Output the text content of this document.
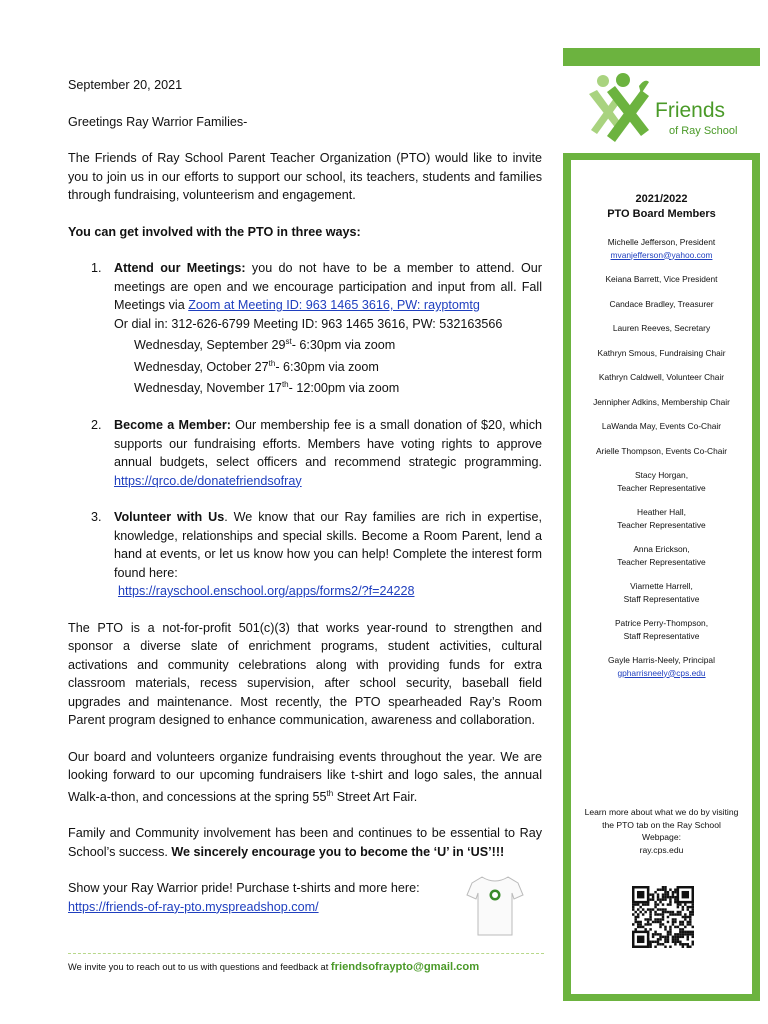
September 20, 2021

Greetings Ray Warrior Families-

The Friends of Ray School Parent Teacher Organization (PTO) would like to invite you to join us in our efforts to support our school, its teachers, students and families through fundraising, volunteerism and engagement.

You can get involved with the PTO in three ways:

1. Attend our Meetings: you do not have to be a member to attend. Our meetings are open and we encourage participation and input from all. Fall Meetings via Zoom at Meeting ID: 963 1465 3616, PW: rayptomtg
Or dial in: 312-626-6799 Meeting ID: 963 1465 3616, PW: 532163566
Wednesday, September 29st- 6:30pm via zoom
Wednesday, October 27th- 6:30pm via zoom
Wednesday, November 17th- 12:00pm via zoom
2. Become a Member: Our membership fee is a small donation of $20, which supports our fundraising efforts. Members have voting rights to approve annual budgets, select officers and recommend strategic programming. https://qrco.de/donatefriendsofray
3. Volunteer with Us. We know that our Ray families are rich in expertise, knowledge, relationships and special skills. Become a Room Parent, lend a hand at events, or let us know how you can help! Complete the interest form found here:
https://rayschool.enschool.org/apps/forms2/?f=24228

The PTO is a not-for-profit 501(c)(3) that works year-round to strengthen and sponsor a diverse slate of enrichment programs, student activities, cultural activations and community celebrations along with providing funds for extra classroom materials, recess supervision, after school security, baseball field upgrades and maintenance. Most recently, the PTO spearheaded Ray’s Room Parent program designed to enhance communication, awareness and collaboration.

Our board and volunteers organize fundraising events throughout the year. We are looking forward to our upcoming fundraisers like t-shirt and logo sales, the annual Walk-a-thon, and concessions at the spring 55th Street Art Fair.

Family and Community involvement has been and continues to be essential to Ray School’s success. We sincerely encourage you to become the ‘U’ in ‘US’!!!

Show your Ray Warrior pride! Purchase t-shirts and more here:

https://friends-of-ray-pto.myspreadshop.com/

We invite you to reach out to us with questions and feedback at friendsofraypto@gmail.com
Friends
of Ray School
2021/2022
PTO Board Members
Michelle Jefferson, President
mvanjefferson@yahoo.com
Keiana Barrett, Vice President
Candace Bradley, Treasurer
Lauren Reeves, Secretary
Kathryn Smous, Fundraising Chair
Kathryn Caldwell, Volunteer Chair
Jennipher Adkins, Membership Chair
LaWanda May, Events Co-Chair
Arielle Thompson, Events Co-Chair
Stacy Horgan,
Teacher Representative
Heather Hall,
Teacher Representative
Anna Erickson,
Teacher Representative
Viarnette Harrell,
Staff Representative
Patrice Perry-Thompson,
Staff Representative
Gayle Harris-Neely, Principal
gpharrisneely@cps.edu
Learn more about what we do by visiting the PTO tab on the Ray School Webpage:
ray.cps.edu
